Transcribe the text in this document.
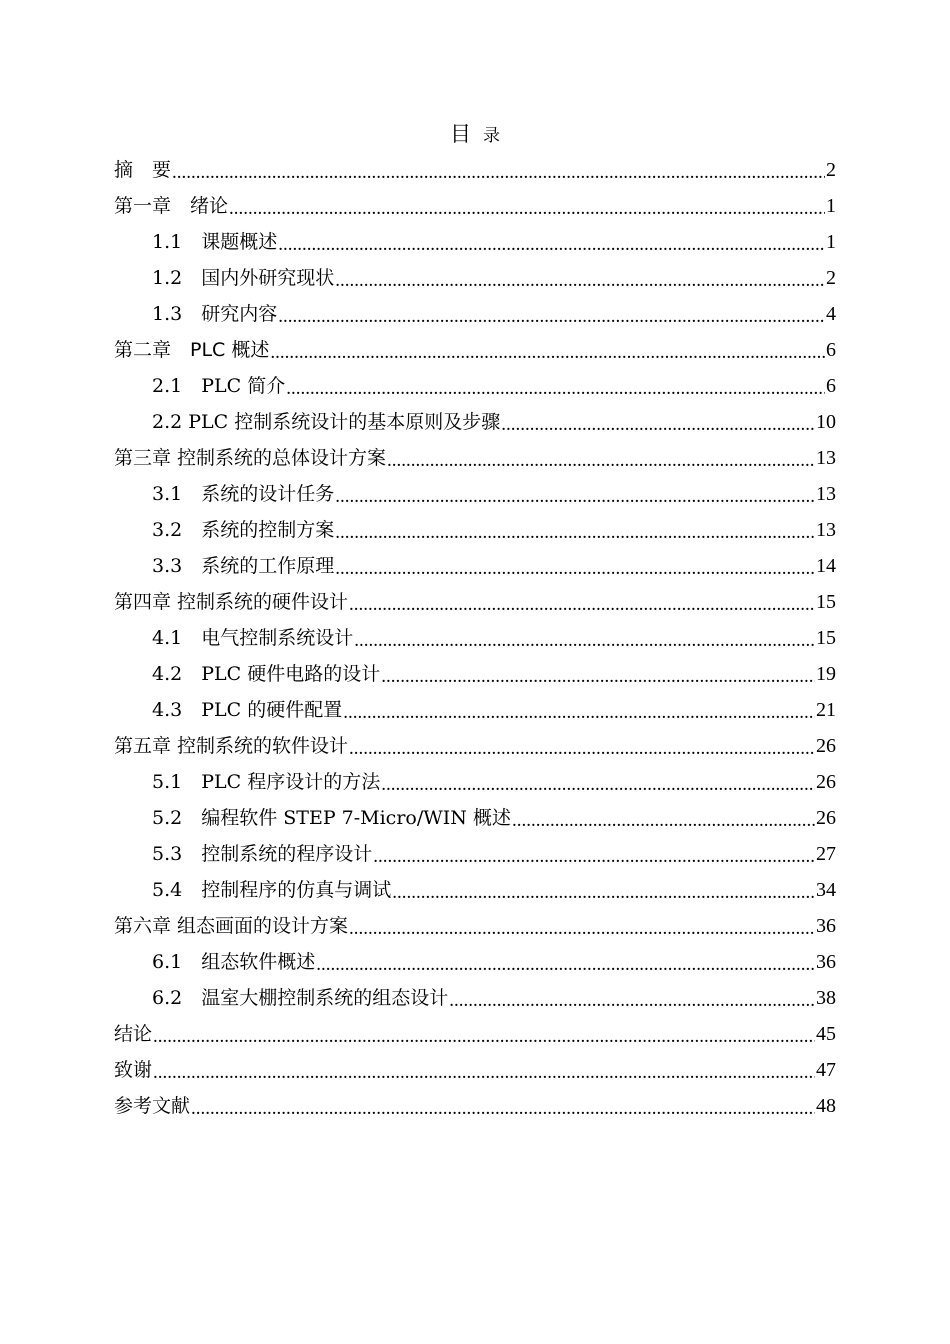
目 录
摘　要 .....	2
第一章　绪论 .....	1
1.1　课题概述 .....	1
1.2　国内外研究现状 .....	2
1.3　研究内容 .....	4
第二章　PLC 概述 .....	6
2.1　PLC 简介 .....	6
2.2 PLC 控制系统设计的基本原则及步骤 .....	10
第三章 控制系统的总体设计方案 .....	13
3.1　系统的设计任务 .....	13
3.2　系统的控制方案 .....	13
3.3　系统的工作原理 .....	14
第四章 控制系统的硬件设计 .....	15
4.1　电气控制系统设计 .....	15
4.2　PLC 硬件电路的设计 .....	19
4.3　PLC 的硬件配置 .....	21
第五章 控制系统的软件设计 .....	26
5.1　PLC 程序设计的方法 .....	26
5.2　编程软件 STEP 7-Micro/WIN 概述 .....	26
5.3　控制系统的程序设计 .....	27
5.4　控制程序的仿真与调试 .....	34
第六章 组态画面的设计方案 .....	36
6.1　组态软件概述 .....	36
6.2　温室大棚控制系统的组态设计 .....	38
结论 .....	45
致谢 .....	47
参考文献 .....	48
